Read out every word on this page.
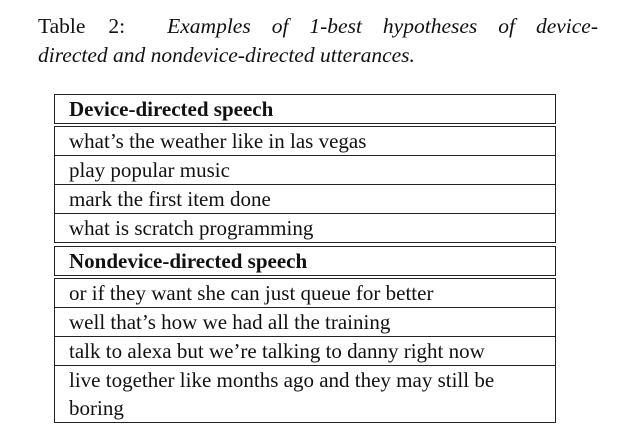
Table 2: Examples of 1-best hypotheses of device-
directed and nondevice-directed utterances.
Device-directed speech
what’s the weather like in las vegas
play popular music
mark the first item done
what is scratch programming
Nondevice-directed speech
or if they want she can just queue for better
well that’s how we had all the training
talk to alexa but we’re talking to danny right now
live together like months ago and they may still be boring
